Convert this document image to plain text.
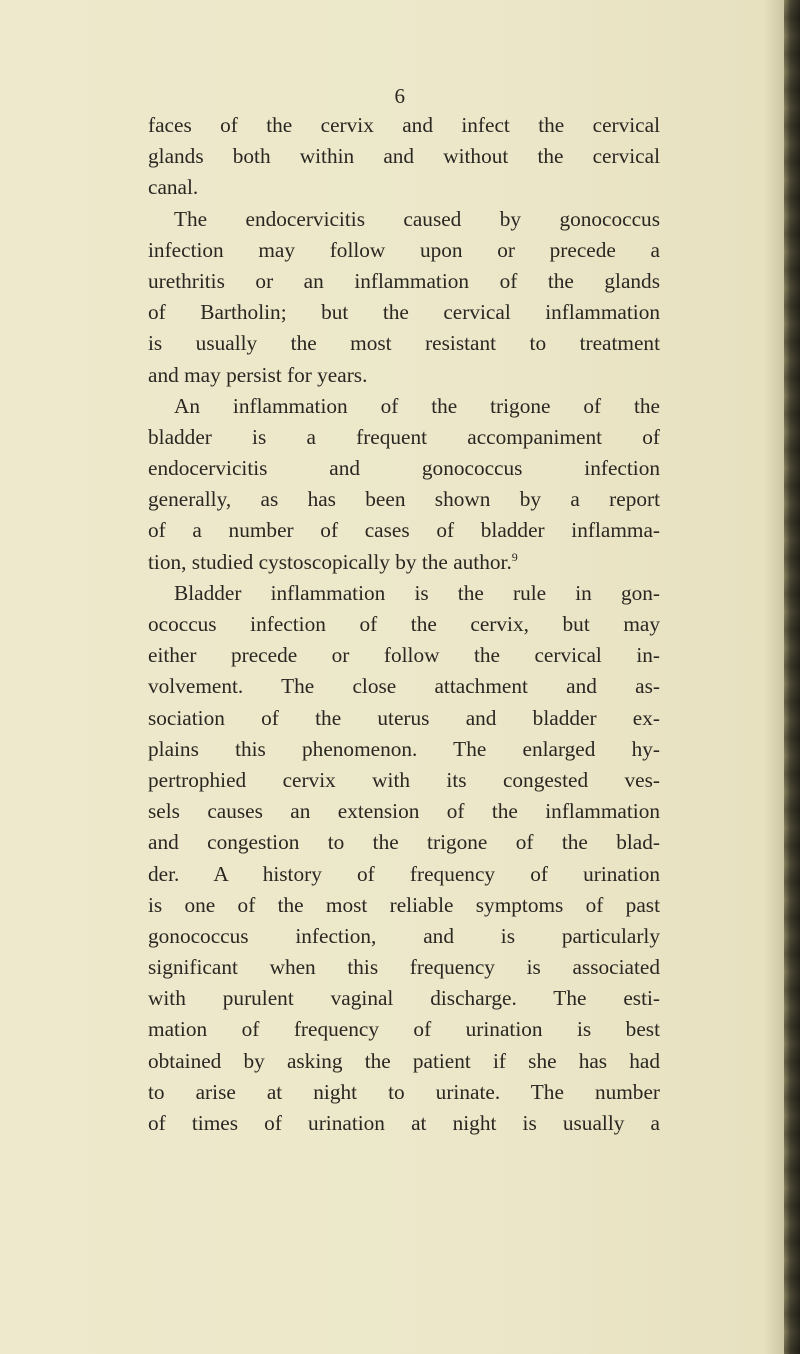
6
faces of the cervix and infect the cervical
glands both within and without the cervical
canal.
The endocervicitis caused by gonococcus
infection may follow upon or precede a
urethritis or an inflammation of the glands
of Bartholin; but the cervical inflammation
is usually the most resistant to treatment
and may persist for years.
An inflammation of the trigone of the
bladder is a frequent accompaniment of
endocervicitis and gonococcus infection
generally, as has been shown by a report
of a number of cases of bladder inflamma-
tion, studied cystoscopically by the author.$^9$
Bladder inflammation is the rule in gon-
ococcus infection of the cervix, but may
either precede or follow the cervical in-
volvement. The close attachment and as-
sociation of the uterus and bladder ex-
plains this phenomenon. The enlarged hy-
pertrophied cervix with its congested ves-
sels causes an extension of the inflammation
and congestion to the trigone of the blad-
der. A history of frequency of urination
is one of the most reliable symptoms of past
gonococcus infection, and is particularly
significant when this frequency is associated
with purulent vaginal discharge. The esti-
mation of frequency of urination is best
obtained by asking the patient if she has had
to arise at night to urinate. The number
of times of urination at night is usually a
